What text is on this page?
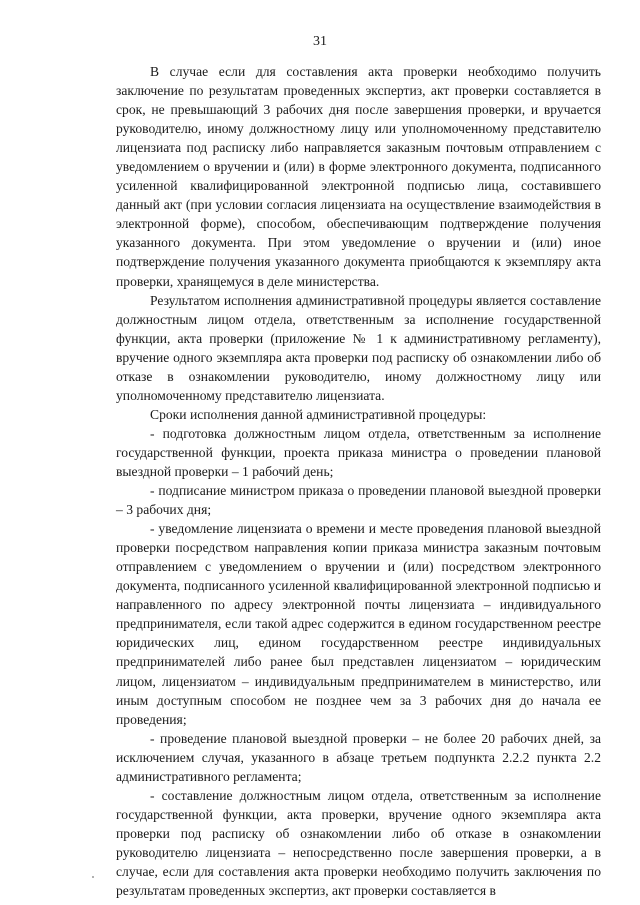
31

В случае если для составления акта проверки необходимо получить заключение по результатам проведенных экспертиз, акт проверки составляется в срок, не превышающий 3 рабочих дня после завершения проверки, и вручается руководителю, иному должностному лицу или уполномоченному представителю лицензиата под расписку либо направляется заказным почтовым отправлением с уведомлением о вручении и (или) в форме электронного документа, подписанного усиленной квалифицированной электронной подписью лица, составившего данный акт (при условии согласия лицензиата на осуществление взаимодействия в электронной форме), способом, обеспечивающим подтверждение получения указанного документа. При этом уведомление о вручении и (или) иное подтверждение получения указанного документа приобщаются к экземпляру акта проверки, хранящемуся в деле министерства.

Результатом исполнения административной процедуры является составление должностным лицом отдела, ответственным за исполнение государственной функции, акта проверки (приложение № 1 к административному регламенту), вручение одного экземпляра акта проверки под расписку об ознакомлении либо об отказе в ознакомлении руководителю, иному должностному лицу или уполномоченному представителю лицензиата.

Сроки исполнения данной административной процедуры:

- подготовка должностным лицом отдела, ответственным за исполнение государственной функции, проекта приказа министра о проведении плановой выездной проверки – 1 рабочий день;

- подписание министром приказа о проведении плановой выездной проверки – 3 рабочих дня;

- уведомление лицензиата о времени и месте проведения плановой выездной проверки посредством направления копии приказа министра заказным почтовым отправлением с уведомлением о вручении и (или) посредством электронного документа, подписанного усиленной квалифицированной электронной подписью и направленного по адресу электронной почты лицензиата – индивидуального предпринимателя, если такой адрес содержится в едином государственном реестре юридических лиц, едином государственном реестре индивидуальных предпринимателей либо ранее был представлен лицензиатом – юридическим лицом, лицензиатом – индивидуальным предпринимателем в министерство, или иным доступным способом не позднее чем за 3 рабочих дня до начала ее проведения;

- проведение плановой выездной проверки – не более 20 рабочих дней, за исключением случая, указанного в абзаце третьем подпункта 2.2.2 пункта 2.2 административного регламента;

- составление должностным лицом отдела, ответственным за исполнение государственной функции, акта проверки, вручение одного экземпляра акта проверки под расписку об ознакомлении либо об отказе в ознакомлении руководителю лицензиата – непосредственно после завершения проверки, а в случае, если для составления акта проверки необходимо получить заключения по результатам проведенных экспертиз, акт проверки составляется в
